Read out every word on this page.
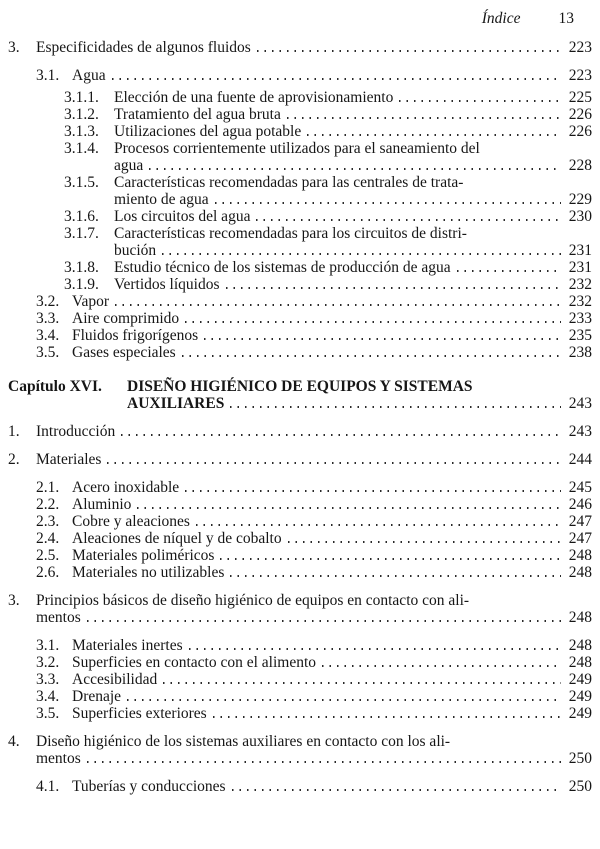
Índice 13
3.	Especificidades de algunos fluidos	223
3.1. Agua	223
3.1.1. Elección de una fuente de aprovisionamiento	225
3.1.2. Tratamiento del agua bruta	226
3.1.3. Utilizaciones del agua potable	226
3.1.4. Procesos corrientemente utilizados para el saneamiento del
agua	228
3.1.5. Características recomendadas para las centrales de trata-
miento de agua	229
3.1.6. Los circuitos del agua	230
3.1.7. Características recomendadas para los circuitos de distri-
bución	231
3.1.8. Estudio técnico de los sistemas de producción de agua	231
3.1.9. Vertidos líquidos	232
3.2. Vapor	232
3.3. Aire comprimido	233
3.4. Fluidos frigorígenos	235
3.5. Gases especiales	238
Capítulo XVI.	DISEÑO HIGIÉNICO DE EQUIPOS Y SISTEMAS
AUXILIARES	243
1.	Introducción	243
2.	Materiales	244
2.1. Acero inoxidable	245
2.2. Aluminio	246
2.3. Cobre y aleaciones	247
2.4. Aleaciones de níquel y de cobalto	247
2.5. Materiales poliméricos	248
2.6. Materiales no utilizables	248
3.	Principios básicos de diseño higiénico de equipos en contacto con ali-
mentos	248
3.1. Materiales inertes	248
3.2. Superficies en contacto con el alimento	248
3.3. Accesibilidad	249
3.4. Drenaje	249
3.5. Superficies exteriores	249
4.	Diseño higiénico de los sistemas auxiliares en contacto con los ali-
mentos	250
4.1. Tuberías y conducciones	250
